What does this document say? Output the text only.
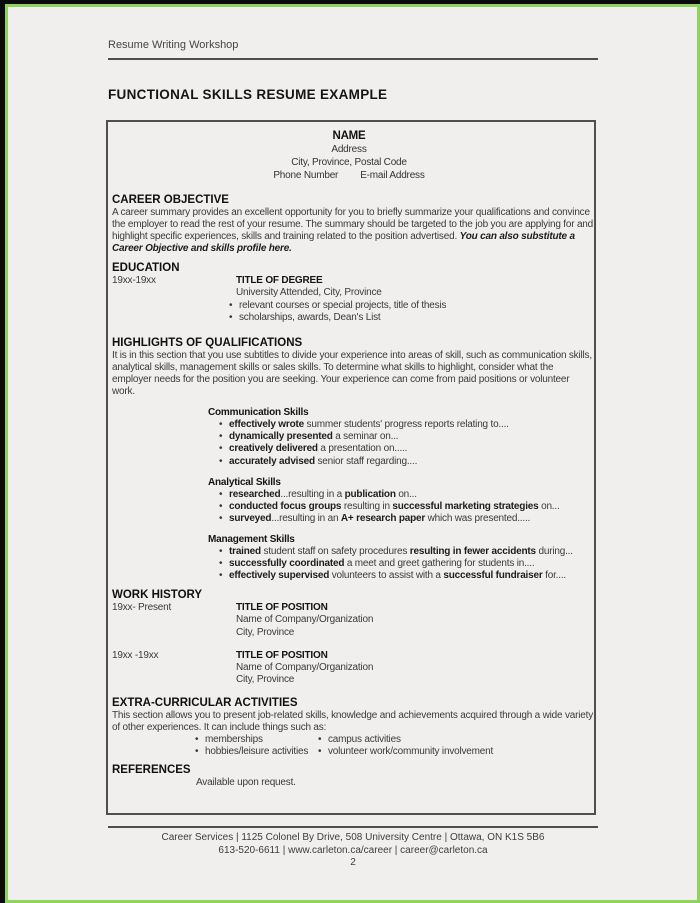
Resume Writing Workshop
FUNCTIONAL SKILLS RESUME EXAMPLE
NAME
Address
City, Province, Postal Code
Phone Number E-mail Address
CAREER OBJECTIVE
A career summary provides an excellent opportunity for you to briefly summarize your qualifications and convince the employer to read the rest of your resume. The summary should be targeted to the job you are applying for and highlight specific experiences, skills and training related to the position advertised. You can also substitute a Career Objective and skills profile here.
EDUCATION
19xx-19xx	TITLE OF DEGREE
University Attended, City, Province
• relevant courses or special projects, title of thesis
• scholarships, awards, Dean's List
HIGHLIGHTS OF QUALIFICATIONS
It is in this section that you use subtitles to divide your experience into areas of skill, such as communication skills, analytical skills, management skills or sales skills. To determine what skills to highlight, consider what the employer needs for the position you are seeking. Your experience can come from paid positions or volunteer work.
Communication Skills
• effectively wrote summer students' progress reports relating to....
• dynamically presented a seminar on...
• creatively delivered a presentation on.....
• accurately advised senior staff regarding....
Analytical Skills
• researched...resulting in a publication on...
• conducted focus groups resulting in successful marketing strategies on...
• surveyed...resulting in an A+ research paper which was presented.....
Management Skills
• trained student staff on safety procedures resulting in fewer accidents during...
• successfully coordinated a meet and greet gathering for students in....
• effectively supervised volunteers to assist with a successful fundraiser for....
WORK HISTORY
19xx- Present	TITLE OF POSITION
Name of Company/Organization
City, Province
19xx -19xx	TITLE OF POSITION
Name of Company/Organization
City, Province
EXTRA-CURRICULAR ACTIVITIES
This section allows you to present job-related skills, knowledge and achievements acquired through a wide variety of other experiences. It can include things such as:
• memberships	• campus activities
• hobbies/leisure activities	• volunteer work/community involvement
REFERENCES
Available upon request.
Career Services | 1125 Colonel By Drive, 508 University Centre | Ottawa, ON K1S 5B6
613-520-6611 | www.carleton.ca/career | career@carleton.ca
2
